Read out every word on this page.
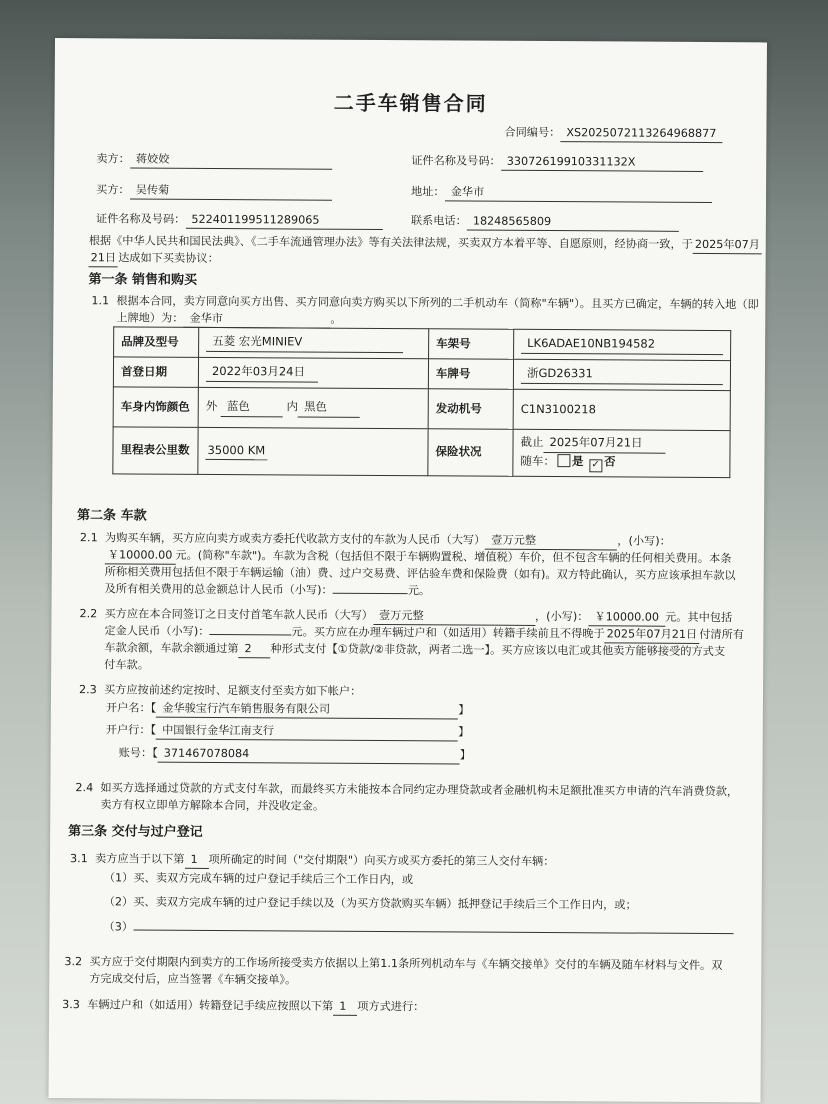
二手车销售合同
合同编号： XS2025072113264968877
卖方： 蒋姣姣	证件名称及号码： 33072619910331132X
买方： 吴传菊	地址： 金华市
证件名称及号码： 522401199511289065	联系电话： 18248565809
根据《中华人民共和国民法典》、《二手车流通管理办法》等有关法律法规，买卖双方本着平等、自愿原则，经协商一致，于 2025年07月
21日 达成如下买卖协议：
第一条 销售和购买
1.1 根据本合同，卖方同意向买方出售、买方同意向卖方购买以下所列的二手机动车（简称"车辆"）。且买方已确定，车辆的转入地（即
上牌地）为： 金华市	。
品牌及型号	五菱 宏光MINIEV	车架号	LK6ADAE10NB194582
首登日期	2022年03月24日	车牌号	浙GD26331
车身内饰颜色	外 蓝色 内 黑色	发动机号	C1N3100218
里程表公里数	35000 KM	保险状况	截止 2025年07月21日
随车： 是 ✓ 否
第二条 车款
2.1 为购买车辆，买方应向卖方或卖方委托代收款方支付的车款为人民币（大写） 壹万元整	，(小写)：
￥10000.00 元。(简称"车款")。车款为含税（包括但不限于车辆购置税、增值税）车价，但不包含车辆的任何相关费用。本条
所称相关费用包括但不限于车辆运输（油）费、过户交易费、评估验车费和保险费（如有)。双方特此确认，买方应该承担车款以
及所有相关费用的总金额总计人民币（小写)：	元。
2.2 买方应在本合同签订之日支付首笔车款人民币（大写） 壹万元整	，(小写)： ￥10000.00 元。其中包括
定金人民币（小写)：	元。买方应在办理车辆过户和（如适用）转籍手续前且不得晚于 2025年07月21日 付清所有
车款余额，车款余额通过第 2 种形式支付【①贷款/②非贷款，两者二选一】。买方应该以电汇或其他卖方能够接受的方式支
付车款。
2.3 买方应按前述约定按时、足额支付至卖方如下帐户：
开户名：【 金华骏宝行汽车销售服务有限公司	】
开户行：【 中国银行金华江南支行	】
账号：【 371467078084	】
2.4 如买方选择通过贷款的方式支付车款，而最终买方未能按本合同约定办理贷款或者金融机构未足额批准买方申请的汽车消费贷款，
卖方有权立即单方解除本合同，并没收定金。
第三条 交付与过户登记
3.1 卖方应当于以下第 1 项所确定的时间（"交付期限"）向买方或买方委托的第三人交付车辆：
（1）买、卖双方完成车辆的过户登记手续后三个工作日内，或
（2）买、卖双方完成车辆的过户登记手续以及（为买方贷款购买车辆）抵押登记手续后三个工作日内，或；
（3）
3.2 买方应于交付期限内到卖方的工作场所接受卖方依据以上第1.1条所列机动车与《车辆交接单》交付的车辆及随车材料与文件。双
方完成交付后，应当签署《车辆交接单》。
3.3 车辆过户和（如适用）转籍登记手续应按照以下第 1 项方式进行：
